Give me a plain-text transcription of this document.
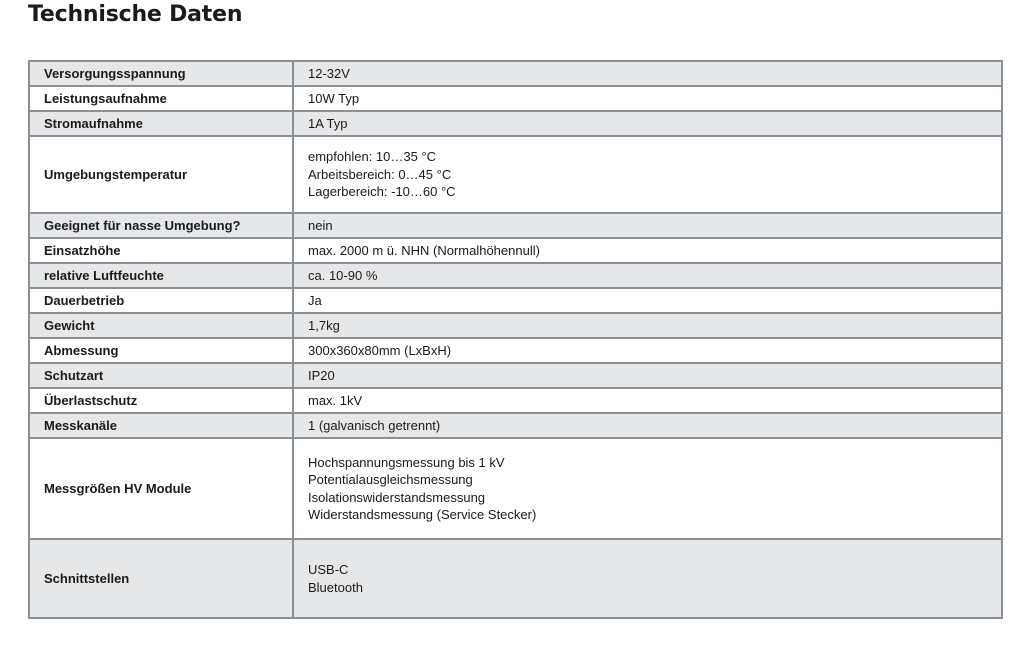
Technische Daten
Versorgungsspannung	12-32V

Leistungsaufnahme	10W Typ

Stromaufnahme	1A Typ

Umgebungstemperatur	empfohlen: 10…35 °C
Arbeitsbereich: 0…45 °C
Lagerbereich: -10…60 °C

Geeignet für nasse Umgebung?	nein

Einsatzhöhe	max. 2000 m ü. NHN (Normalhöhennull)

relative Luftfeuchte	ca. 10-90 %

Dauerbetrieb	Ja

Gewicht	1,7kg

Abmessung	300x360x80mm (LxBxH)

Schutzart	IP20

Überlastschutz	max. 1kV

Messkanäle	1 (galvanisch getrennt)

Messgrößen HV Module	Hochspannungsmessung bis 1 kV
Potentialausgleichsmessung
Isolationswiderstandsmessung
Widerstandsmessung (Service Stecker)

Schnittstellen	USB-C
Bluetooth
